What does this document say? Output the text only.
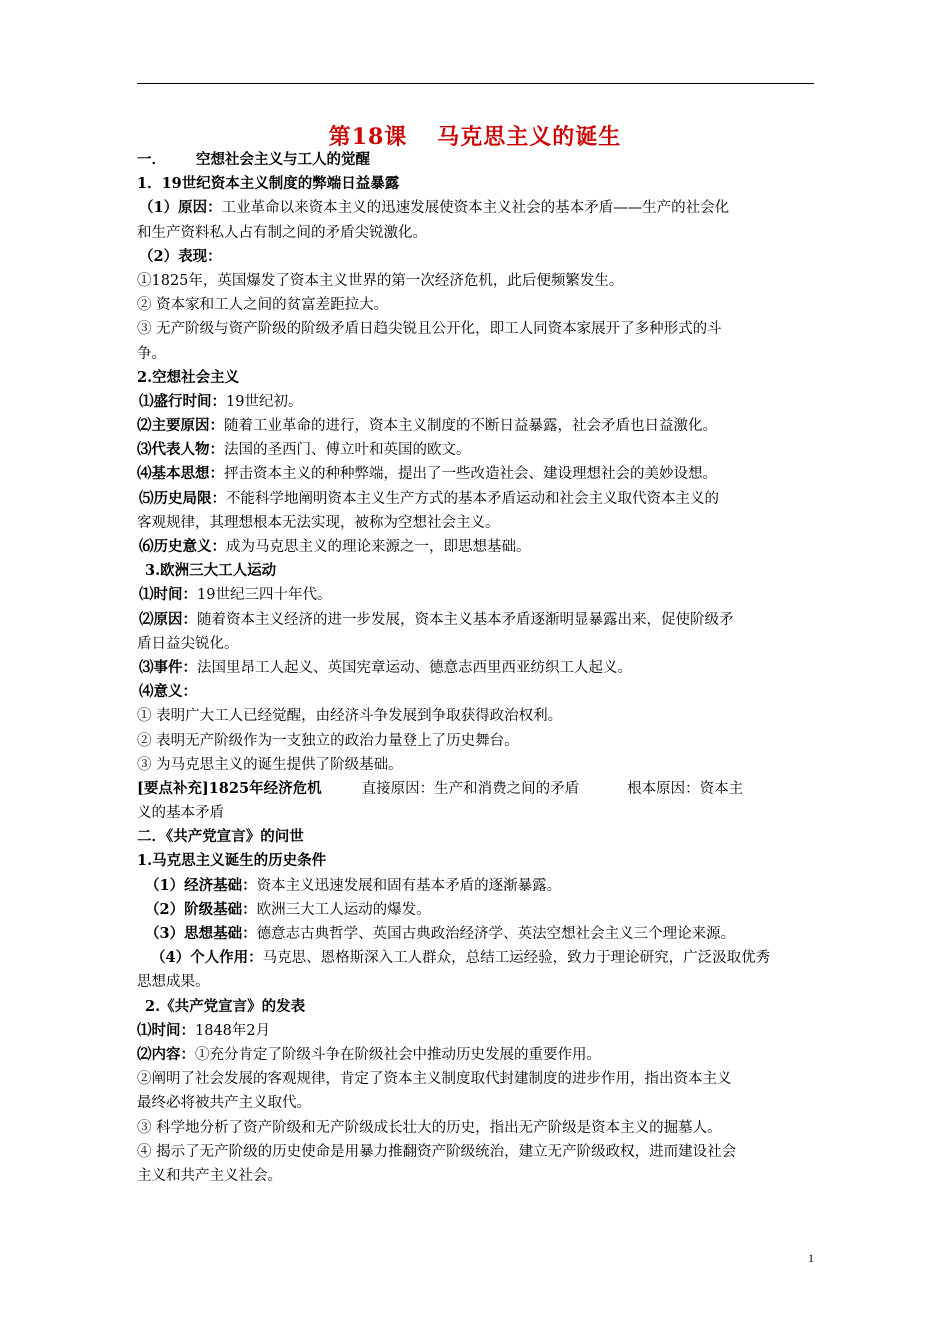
第18课 马克思主义的诞生
一． 空想社会主义与工人的觉醒
1．19世纪资本主义制度的弊端日益暴露
（1）原因：工业革命以来资本主义的迅速发展使资本主义社会的基本矛盾——生产的社会化
和生产资料私人占有制之间的矛盾尖锐激化。
（2）表现：
①1825年，英国爆发了资本主义世界的第一次经济危机，此后便频繁发生。
② 资本家和工人之间的贫富差距拉大。
③ 无产阶级与资产阶级的阶级矛盾日趋尖锐且公开化，即工人同资本家展开了多种形式的斗
争。
2.空想社会主义
⑴盛行时间：19世纪初。
⑵主要原因：随着工业革命的进行，资本主义制度的不断日益暴露，社会矛盾也日益激化。
⑶代表人物：法国的圣西门、傅立叶和英国的欧文。
⑷基本思想：抨击资本主义的种种弊端，提出了一些改造社会、建设理想社会的美妙设想。
⑸历史局限：不能科学地阐明资本主义生产方式的基本矛盾运动和社会主义取代资本主义的
客观规律，其理想根本无法实现，被称为空想社会主义。
⑹历史意义：成为马克思主义的理论来源之一，即思想基础。
3.欧洲三大工人运动
⑴时间：19世纪三四十年代。
⑵原因：随着资本主义经济的进一步发展，资本主义基本矛盾逐渐明显暴露出来，促使阶级矛
盾日益尖锐化。
⑶事件：法国里昂工人起义、英国宪章运动、德意志西里西亚纺织工人起义。
⑷意义：
① 表明广大工人已经觉醒，由经济斗争发展到争取获得政治权利。
② 表明无产阶级作为一支独立的政治力量登上了历史舞台。
③ 为马克思主义的诞生提供了阶级基础。
[要点补充]1825年经济危机	直接原因：生产和消费之间的矛盾	根本原因：资本主
义的基本矛盾
二．《共产党宣言》的问世
1.马克思主义诞生的历史条件
（1）经济基础：资本主义迅速发展和固有基本矛盾的逐渐暴露。
（2）阶级基础：欧洲三大工人运动的爆发。
（3）思想基础：德意志古典哲学、英国古典政治经济学、英法空想社会主义三个理论来源。
（4）个人作用：马克思、恩格斯深入工人群众，总结工运经验，致力于理论研究，广泛汲取优秀
思想成果。
2.《共产党宣言》的发表
⑴时间：1848年2月
⑵内容：①充分肯定了阶级斗争在阶级社会中推动历史发展的重要作用。
②阐明了社会发展的客观规律，肯定了资本主义制度取代封建制度的进步作用，指出资本主义
最终必将被共产主义取代。
③ 科学地分析了资产阶级和无产阶级成长壮大的历史，指出无产阶级是资本主义的掘墓人。
④ 揭示了无产阶级的历史使命是用暴力推翻资产阶级统治，建立无产阶级政权，进而建设社会
主义和共产主义社会。
1
